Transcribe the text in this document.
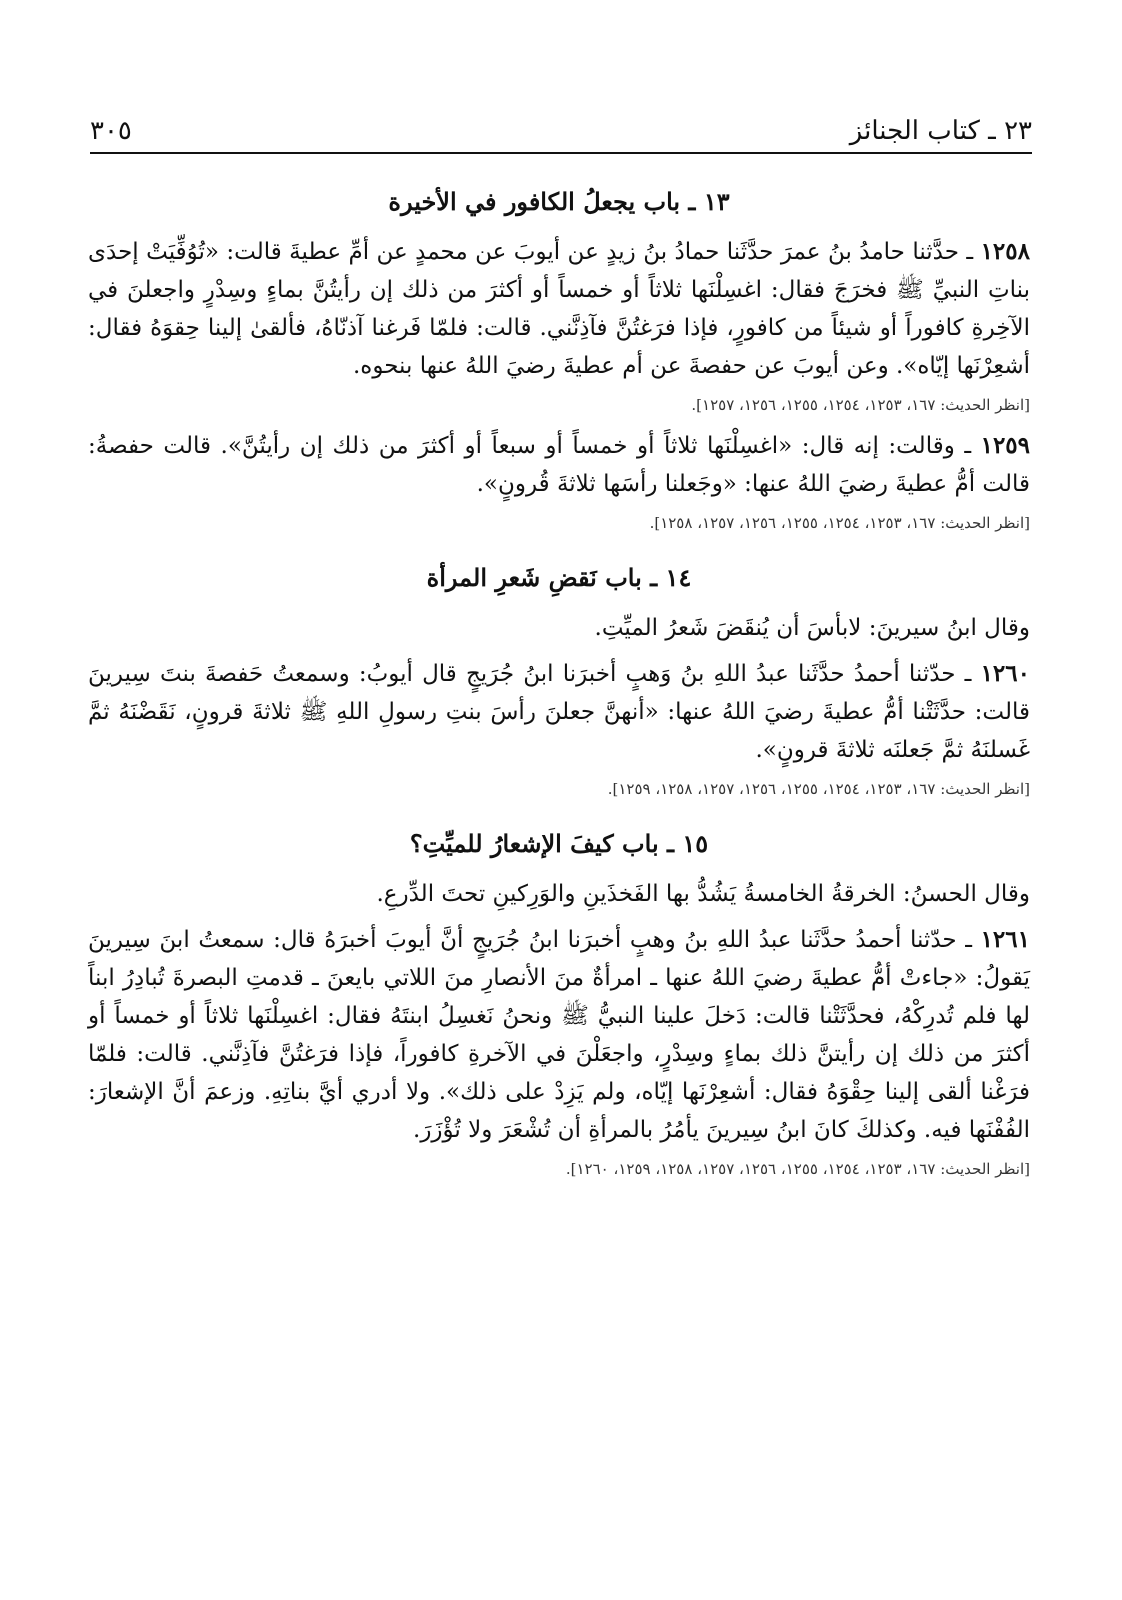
٢٣ ـ كتاب الجنائز
٣٠٥
١٣ ـ باب يجعلُ الكافور في الأخيرة

١٢٥٨ ـ حدَّثنا حامدُ بنُ عمرَ حدَّثَنا حمادُ بنُ زيدٍ عن أيوبَ عن محمدٍ عن أمِّ عطيةَ قالت: «تُوُفِّيَتْ إحدَى بناتِ النبيِّ ﷺ فخرَجَ فقال: اغسِلْنَها ثلاثاً أو خمساً أو أكثرَ من ذلك إن رأيتُنَّ بماءٍ وسِدْرٍ واجعلنَ في الآخِرةِ كافوراً أو شيئاً من كافورٍ، فإذا فرَغتُنَّ فآذِنَّني. قالت: فلمّا فَرغنا آذنّاهُ، فألقىٰ إلينا حِقوَهُ فقال: أشعِرْنَها إيّاه». وعن أيوبَ عن حفصةَ عن أم عطيةَ رضيَ اللهُ عنها بنحوه.

[انظر الحديث: ١٦٧، ١٢٥٣، ١٢٥٤، ١٢٥٥، ١٢٥٦، ١٢٥٧].

١٢٥٩ ـ وقالت: إنه قال: «اغسِلْنَها ثلاثاً أو خمساً أو سبعاً أو أكثرَ من ذلك إن رأيتُنَّ». قالت حفصةُ: قالت أمُّ عطيةَ رضيَ اللهُ عنها: «وجَعلنا رأسَها ثلاثةَ قُرونٍ».

[انظر الحديث: ١٦٧، ١٢٥٣، ١٢٥٤، ١٢٥٥، ١٢٥٦، ١٢٥٧، ١٢٥٨].
١٤ ـ باب نَقضِ شَعرِ المرأة

وقال ابنُ سيرينَ: لابأسَ أن يُنقَضَ شَعرُ الميِّتِ.

١٢٦٠ ـ حدّثنا أحمدُ حدَّثَنا عبدُ اللهِ بنُ وَهبٍ أخبرَنا ابنُ جُرَيجٍ قال أيوبُ: وسمعتُ حَفصةَ بنتَ سِيرينَ قالت: حدَّثَتْنا أمُّ عطيةَ رضيَ اللهُ عنها: «أنهنَّ جعلنَ رأسَ بنتِ رسولِ اللهِ ﷺ ثلاثةَ قرونٍ، نَقَضْنَهُ ثمَّ غَسلنَهُ ثمَّ جَعلنَه ثلاثةَ قرونٍ».

[انظر الحديث: ١٦٧، ١٢٥٣، ١٢٥٤، ١٢٥٥، ١٢٥٦، ١٢٥٧، ١٢٥٨، ١٢٥٩].
١٥ ـ باب كيفَ الإشعارُ للميِّتِ؟

وقال الحسنُ: الخرقةُ الخامسةُ يَشُدُّ بها الفَخذَينِ والوَرِكينِ تحتَ الدِّرعِ.

١٢٦١ ـ حدّثنا أحمدُ حدَّثَنا عبدُ اللهِ بنُ وهبٍ أخبرَنا ابنُ جُرَيجٍ أنَّ أيوبَ أخبرَهُ قال: سمعتُ ابنَ سِيرينَ يَقولُ: «جاءتْ أمُّ عطيةَ رضيَ اللهُ عنها ـ امرأةٌ منَ الأنصارِ منَ اللاتي بايعنَ ـ قدمتِ البصرةَ تُبادِرُ ابناً لها فلم تُدرِكْهُ، فحدَّثَتْنا قالت: دَخلَ علينا النبيُّ ﷺ ونحنُ نَغسِلُ ابنتَهُ فقال: اغسِلْنَها ثلاثاً أو خمساً أو أكثرَ من ذلك إن رأيتنَّ ذلك بماءٍ وسِدْرٍ، واجعَلْنَ في الآخرةِ كافوراً، فإذا فرَغتُنَّ فآذِنَّني. قالت: فلمّا فرَغْنا ألقى إلينا حِقْوَهُ فقال: أشعِرْنَها إيّاه، ولم يَزِدْ على ذلك». ولا أدري أيَّ بناتِهِ. وزعمَ أنَّ الإشعارَ: الفُفْنَها فيه. وكذلكَ كانَ ابنُ سِيرينَ يأمُرُ بالمرأةِ أن تُشْعَرَ ولا تُؤْزَرَ.

[انظر الحديث: ١٦٧، ١٢٥٣، ١٢٥٤، ١٢٥٥، ١٢٥٦، ١٢٥٧، ١٢٥٨، ١٢٥٩، ١٢٦٠].
